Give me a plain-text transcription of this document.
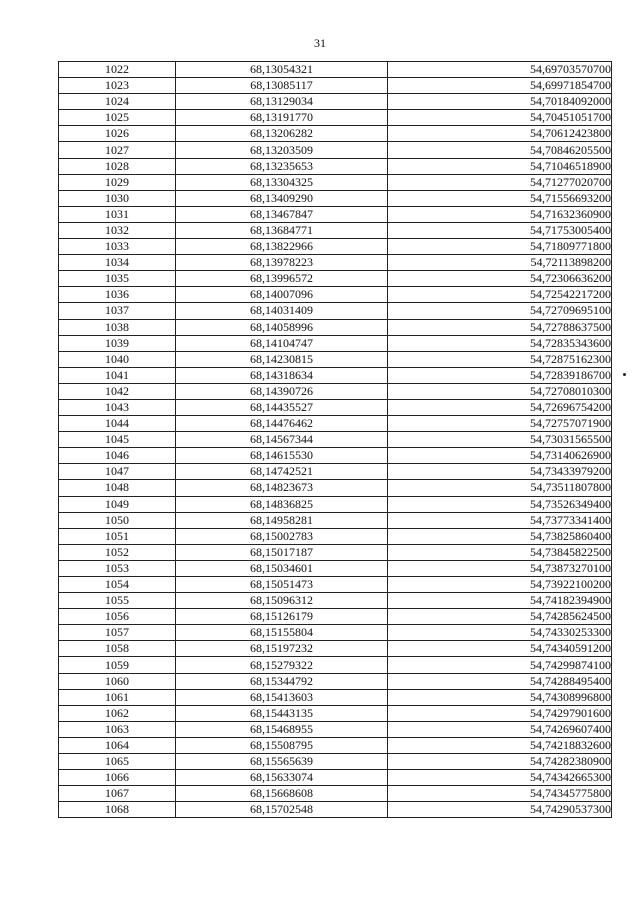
31
1022	68,13054321	54,69703570700
1023	68,13085117	54,69971854700
1024	68,13129034	54,70184092000
1025	68,13191770	54,70451051700
1026	68,13206282	54,70612423800
1027	68,13203509	54,70846205500
1028	68,13235653	54,71046518900
1029	68,13304325	54,71277020700
1030	68,13409290	54,71556693200
1031	68,13467847	54,71632360900
1032	68,13684771	54,71753005400
1033	68,13822966	54,71809771800
1034	68,13978223	54,72113898200
1035	68,13996572	54,72306636200
1036	68,14007096	54,72542217200
1037	68,14031409	54,72709695100
1038	68,14058996	54,72788637500
1039	68,14104747	54,72835343600
1040	68,14230815	54,72875162300
1041	68,14318634	54,72839186700
1042	68,14390726	54,72708010300
1043	68,14435527	54,72696754200
1044	68,14476462	54,72757071900
1045	68,14567344	54,73031565500
1046	68,14615530	54,73140626900
1047	68,14742521	54,73433979200
1048	68,14823673	54,73511807800
1049	68,14836825	54,73526349400
1050	68,14958281	54,73773341400
1051	68,15002783	54,73825860400
1052	68,15017187	54,73845822500
1053	68,15034601	54,73873270100
1054	68,15051473	54,73922100200
1055	68,15096312	54,74182394900
1056	68,15126179	54,74285624500
1057	68,15155804	54,74330253300
1058	68,15197232	54,74340591200
1059	68,15279322	54,74299874100
1060	68,15344792	54,74288495400
1061	68,15413603	54,74308996800
1062	68,15443135	54,74297901600
1063	68,15468955	54,74269607400
1064	68,15508795	54,74218832600
1065	68,15565639	54,74282380900
1066	68,15633074	54,74342665300
1067	68,15668608	54,74345775800
1068	68,15702548	54,74290537300
